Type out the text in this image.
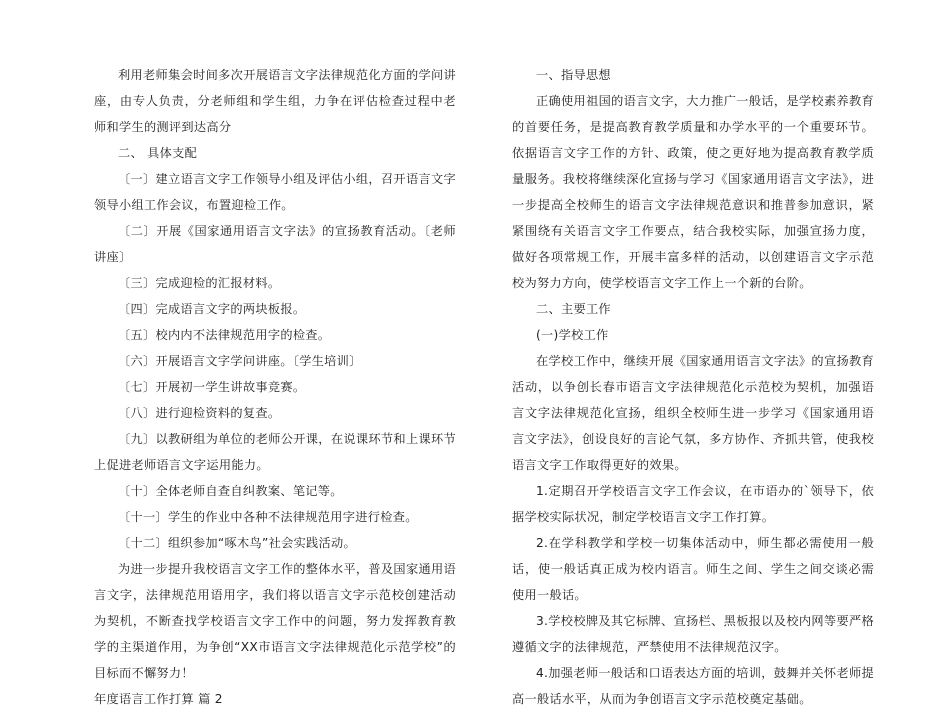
利用老师集会时间多次开展语言文字法律规范化方面的学问讲座，由专人负责，分老师组和学生组，力争在评估检查过程中老师和学生的测评到达高分

二、 具体支配

〔一〕建立语言文字工作领导小组及评估小组，召开语言文字领导小组工作会议，布置迎检工作。

〔二〕开展《国家通用语言文字法》的宣扬教育活动。〔老师讲座〕

〔三〕完成迎检的汇报材料。

〔四〕完成语言文字的两块板报。

〔五〕校内内不法律规范用字的检查。

〔六〕开展语言文字学问讲座。〔学生培训〕

〔七〕开展初一学生讲故事竞赛。

〔八〕进行迎检资料的复查。

〔九〕以教研组为单位的老师公开课，在说课环节和上课环节上促进老师语言文字运用能力。

〔十〕全体老师自查自纠教案、笔记等。

〔十一〕学生的作业中各种不法律规范用字进行检查。

〔十二〕组织参加“啄木鸟”社会实践活动。

为进一步提升我校语言文字工作的整体水平，普及国家通用语言文字，法律规范用语用字，我们将以语言文字示范校创建活动为契机，不断查找学校语言文字工作中的问题，努力发挥教育教学的主渠道作用，为争创“XX市语言文字法律规范化示范学校”的目标而不懈努力！

年度语言工作打算 篇 2

一、指导思想

正确使用祖国的语言文字，大力推广一般话，是学校素养教育的首要任务，是提高教育教学质量和办学水平的一个重要环节。依据语言文字工作的方针、政策，使之更好地为提高教育教学质量服务。我校将继续深化宣扬与学习《国家通用语言文字法》，进一步提高全校师生的语言文字法律规范意识和推普参加意识，紧紧围绕有关语言文字工作要点，结合我校实际，加强宣扬力度，做好各项常规工作，开展丰富多样的活动，以创建语言文字示范校为努力方向，使学校语言文字工作上一个新的台阶。

二、主要工作

(一)学校工作

在学校工作中，继续开展《国家通用语言文字法》的宣扬教育活动，以争创长春市语言文字法律规范化示范校为契机，加强语言文字法律规范化宣扬，组织全校师生进一步学习《国家通用语言文字法》，创设良好的言论气氛，多方协作、齐抓共管，使我校语言文字工作取得更好的效果。

1.定期召开学校语言文字工作会议，在市语办的`领导下，依据学校实际状况，制定学校语言文字工作打算。

2.在学科教学和学校一切集体活动中，师生都必需使用一般话，使一般话真正成为校内语言。师生之间、学生之间交谈必需使用一般话。

3.学校校牌及其它标牌、宣扬栏、黑板报以及校内网等要严格遵循文字的法律规范，严禁使用不法律规范汉字。

4.加强老师一般话和口语表达方面的培训，鼓舞并关怀老师提高一般话水平，从而为争创语言文字示范校奠定基础。
